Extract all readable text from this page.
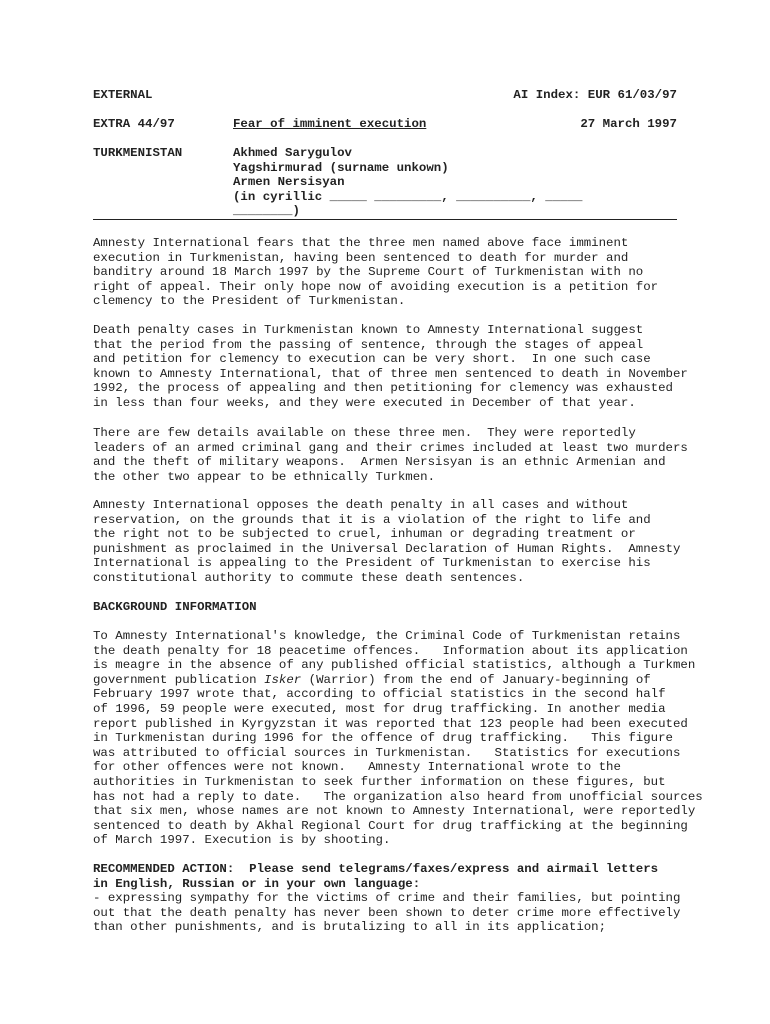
EXTERNAL	AI Index: EUR 61/03/97
EXTRA 44/97	Fear of imminent execution	27 March 1997
TURKMENISTAN	Akhmed Sarygulov
Yagshirmurad (surname unkown)
Armen Nersisyan
(in cyrillic _____ _________, __________, _____
________)
Amnesty International fears that the three men named above face imminent
execution in Turkmenistan, having been sentenced to death for murder and
banditry around 18 March 1997 by the Supreme Court of Turkmenistan with no
right of appeal. Their only hope now of avoiding execution is a petition for
clemency to the President of Turkmenistan.
Death penalty cases in Turkmenistan known to Amnesty International suggest
that the period from the passing of sentence, through the stages of appeal
and petition for clemency to execution can be very short.  In one such case
known to Amnesty International, that of three men sentenced to death in November
1992, the process of appealing and then petitioning for clemency was exhausted
in less than four weeks, and they were executed in December of that year.
There are few details available on these three men.  They were reportedly
leaders of an armed criminal gang and their crimes included at least two murders
and the theft of military weapons.  Armen Nersisyan is an ethnic Armenian and
the other two appear to be ethnically Turkmen.
Amnesty International opposes the death penalty in all cases and without
reservation, on the grounds that it is a violation of the right to life and
the right not to be subjected to cruel, inhuman or degrading treatment or
punishment as proclaimed in the Universal Declaration of Human Rights.  Amnesty
International is appealing to the President of Turkmenistan to exercise his
constitutional authority to commute these death sentences.
BACKGROUND INFORMATION
To Amnesty International's knowledge, the Criminal Code of Turkmenistan retains
the death penalty for 18 peacetime offences.   Information about its application
is meagre in the absence of any published official statistics, although a Turkmen
government publication Isker (Warrior) from the end of January-beginning of
February 1997 wrote that, according to official statistics in the second half
of 1996, 59 people were executed, most for drug trafficking. In another media
report published in Kyrgyzstan it was reported that 123 people had been executed
in Turkmenistan during 1996 for the offence of drug trafficking.   This figure
was attributed to official sources in Turkmenistan.   Statistics for executions
for other offences were not known.   Amnesty International wrote to the
authorities in Turkmenistan to seek further information on these figures, but
has not had a reply to date.   The organization also heard from unofficial sources
that six men, whose names are not known to Amnesty International, were reportedly
sentenced to death by Akhal Regional Court for drug trafficking at the beginning
of March 1997. Execution is by shooting.
RECOMMENDED ACTION:  Please send telegrams/faxes/express and airmail letters
in English, Russian or in your own language:
- expressing sympathy for the victims of crime and their families, but pointing
out that the death penalty has never been shown to deter crime more effectively
than other punishments, and is brutalizing to all in its application;
